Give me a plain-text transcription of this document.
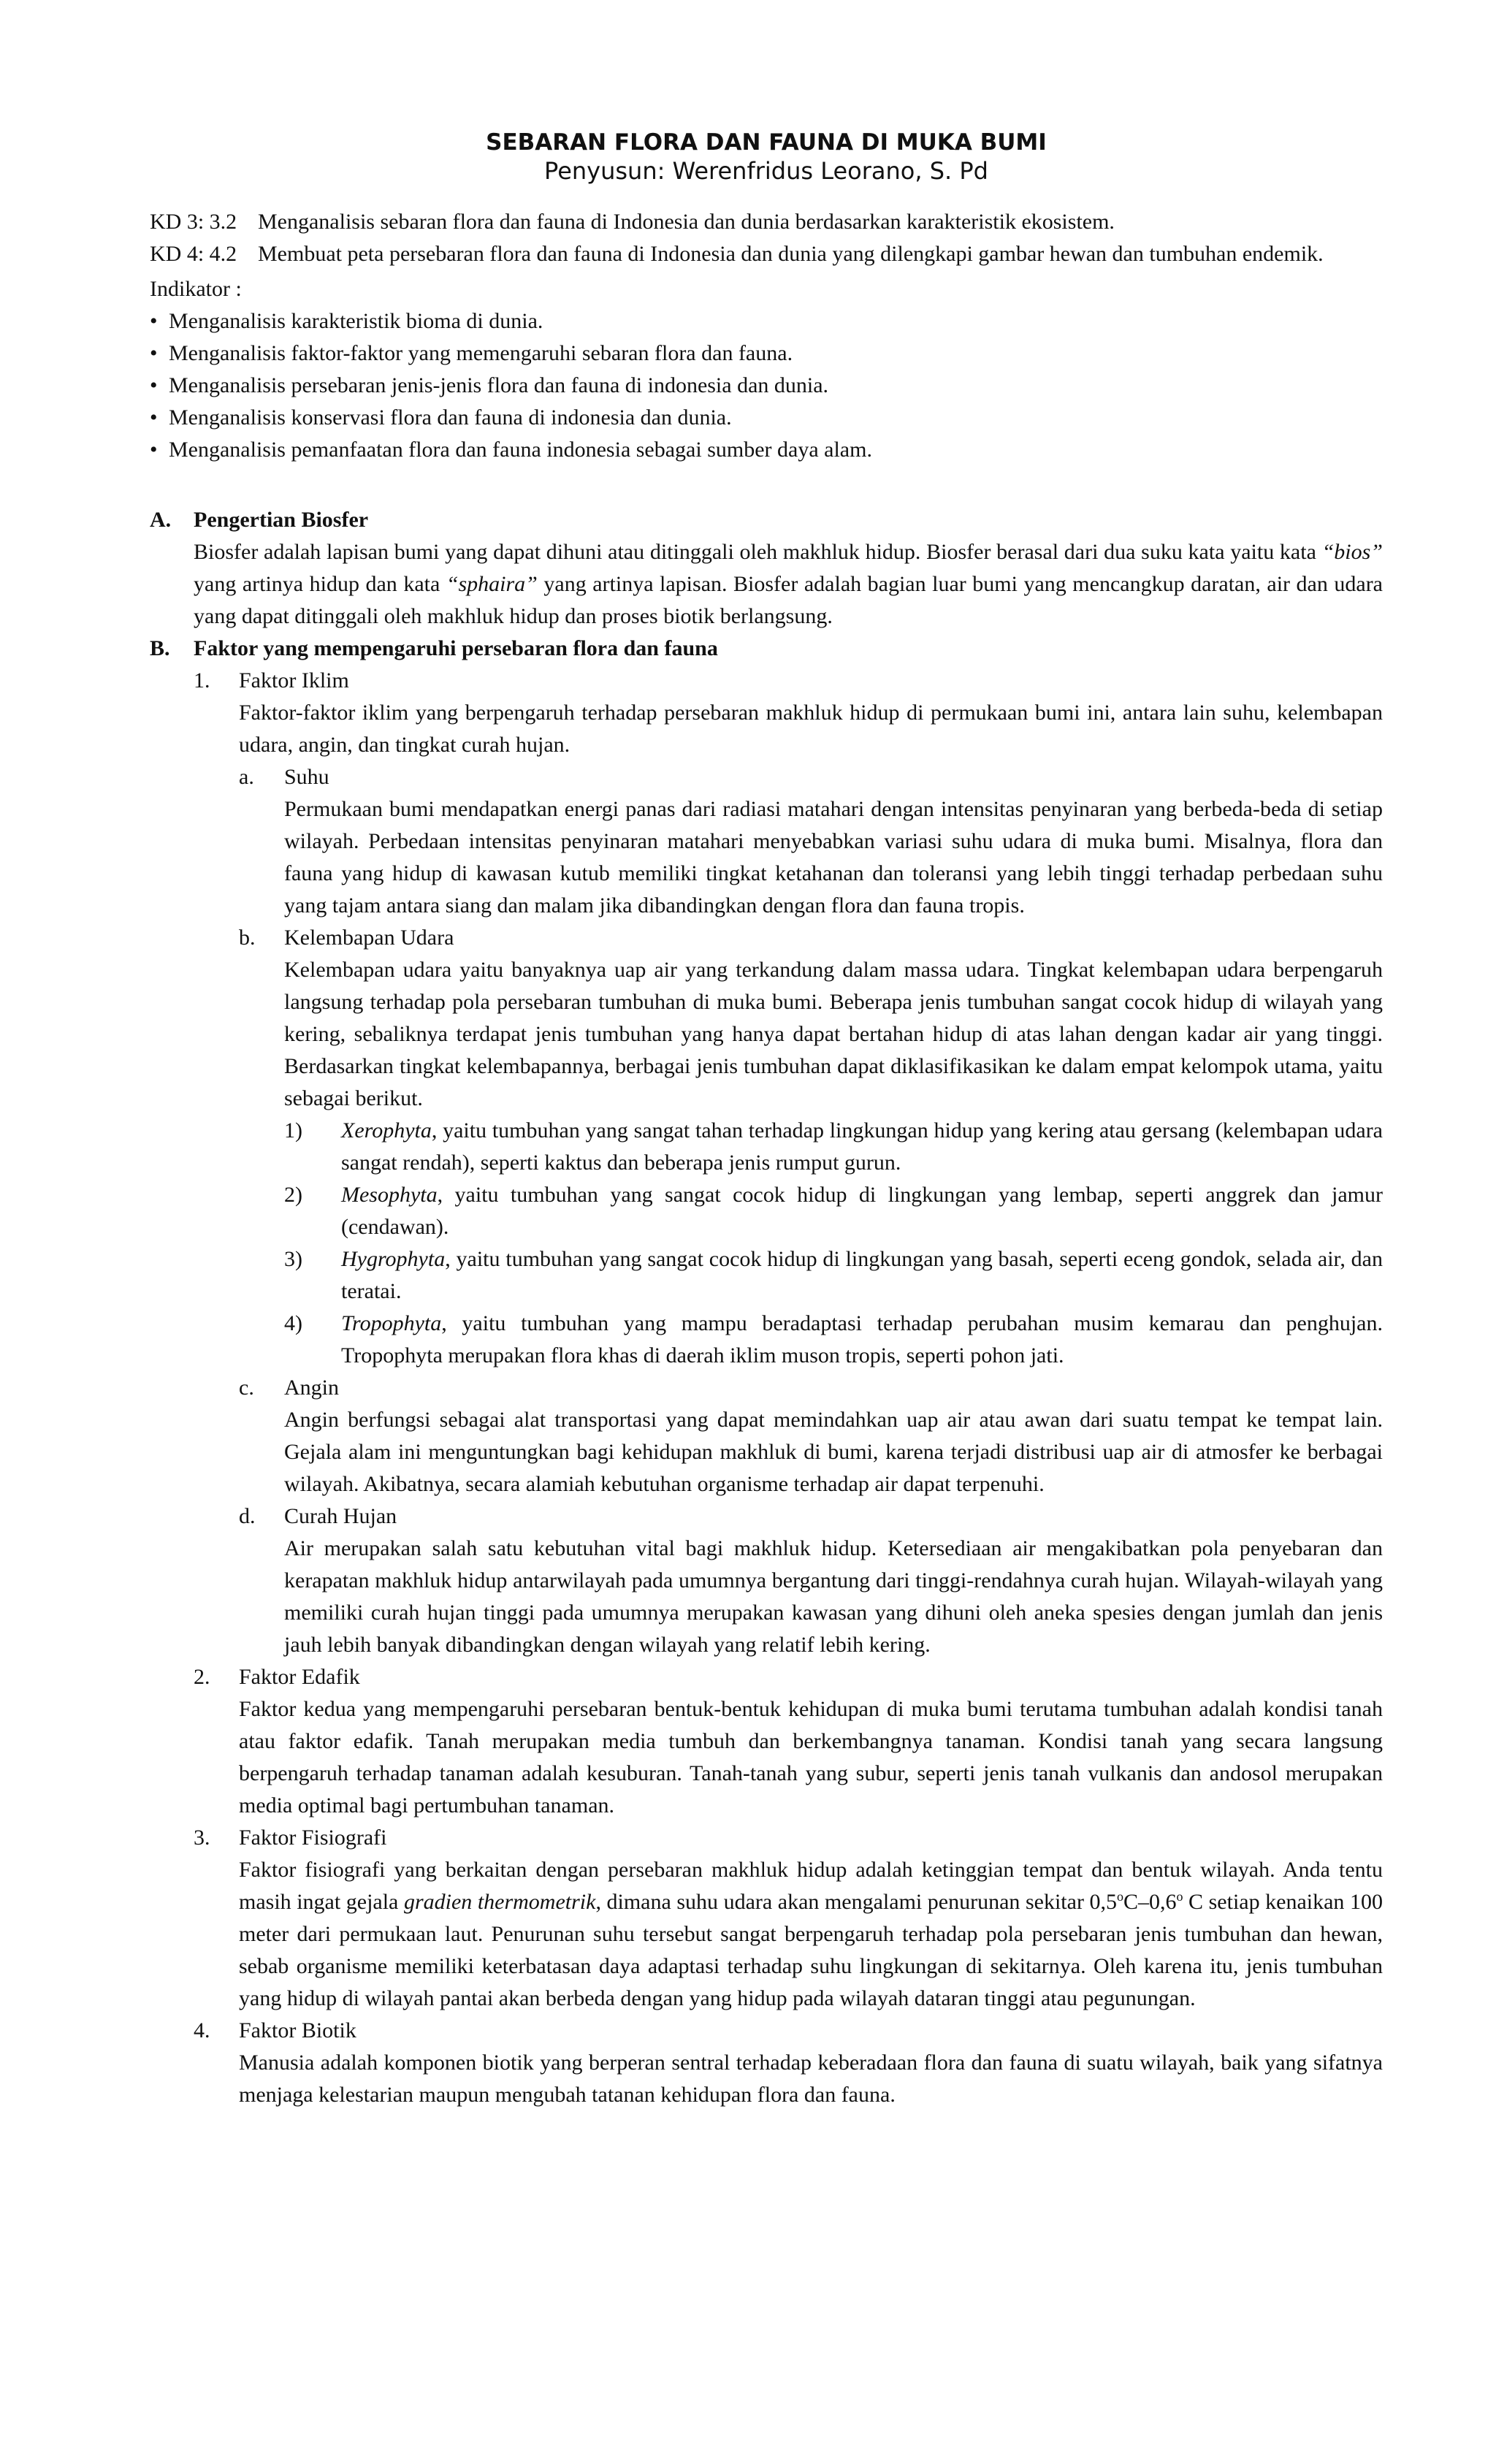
SEBARAN FLORA DAN FAUNA DI MUKA BUMI
Penyusun: Werenfridus Leorano, S. Pd
KD 3: 3.2 Menganalisis sebaran flora dan fauna di Indonesia dan dunia berdasarkan karakteristik ekosistem.
KD 4: 4.2 Membuat peta persebaran flora dan fauna di Indonesia dan dunia yang dilengkapi gambar hewan dan tumbuhan endemik.

Indikator :

• Menganalisis karakteristik bioma di dunia.
• Menganalisis faktor-faktor yang memengaruhi sebaran flora dan fauna.
• Menganalisis persebaran jenis-jenis flora dan fauna di indonesia dan dunia.
• Menganalisis konservasi flora dan fauna di indonesia dan dunia.
• Menganalisis pemanfaatan flora dan fauna indonesia sebagai sumber daya alam.
A.	Pengertian Biosfer

Biosfer adalah lapisan bumi yang dapat dihuni atau ditinggali oleh makhluk hidup. Biosfer berasal dari dua suku kata yaitu kata “bios” yang artinya hidup dan kata “sphaira” yang artinya lapisan. Biosfer adalah bagian luar bumi yang mencangkup daratan, air dan udara yang dapat ditinggali oleh makhluk hidup dan proses biotik berlangsung.

B.	Faktor yang mempengaruhi persebaran flora dan fauna
1.	Faktor Iklim

Faktor-faktor iklim yang berpengaruh terhadap persebaran makhluk hidup di permukaan bumi ini, antara lain suhu, kelembapan udara, angin, dan tingkat curah hujan.

a.	Suhu

Permukaan bumi mendapatkan energi panas dari radiasi matahari dengan intensitas penyinaran yang berbeda-beda di setiap wilayah. Perbedaan intensitas penyinaran matahari menyebabkan variasi suhu udara di muka bumi. Misalnya, flora dan fauna yang hidup di kawasan kutub memiliki tingkat ketahanan dan toleransi yang lebih tinggi terhadap perbedaan suhu yang tajam antara siang dan malam jika dibandingkan dengan flora dan fauna tropis.

b.	Kelembapan Udara

Kelembapan udara yaitu banyaknya uap air yang terkandung dalam massa udara. Tingkat kelembapan udara berpengaruh langsung terhadap pola persebaran tumbuhan di muka bumi. Beberapa jenis tumbuhan sangat cocok hidup di wilayah yang kering, sebaliknya terdapat jenis tumbuhan yang hanya dapat bertahan hidup di atas lahan dengan kadar air yang tinggi. Berdasarkan tingkat kelembapannya, berbagai jenis tumbuhan dapat diklasifikasikan ke dalam empat kelompok utama, yaitu sebagai berikut.

1)	Xerophyta, yaitu tumbuhan yang sangat tahan terhadap lingkungan hidup yang kering atau gersang (kelembapan udara sangat rendah), seperti kaktus dan beberapa jenis rumput gurun.
2)	Mesophyta, yaitu tumbuhan yang sangat cocok hidup di lingkungan yang lembap, seperti anggrek dan jamur (cendawan).
3)	Hygrophyta, yaitu tumbuhan yang sangat cocok hidup di lingkungan yang basah, seperti eceng gondok, selada air, dan teratai.
4)	Tropophyta, yaitu tumbuhan yang mampu beradaptasi terhadap perubahan musim kemarau dan penghujan. Tropophyta merupakan flora khas di daerah iklim muson tropis, seperti pohon jati.
c.	Angin

Angin berfungsi sebagai alat transportasi yang dapat memindahkan uap air atau awan dari suatu tempat ke tempat lain. Gejala alam ini menguntungkan bagi kehidupan makhluk di bumi, karena terjadi distribusi uap air di atmosfer ke berbagai wilayah. Akibatnya, secara alamiah kebutuhan organisme terhadap air dapat terpenuhi.

d.	Curah Hujan

Air merupakan salah satu kebutuhan vital bagi makhluk hidup. Ketersediaan air mengakibatkan pola penyebaran dan kerapatan makhluk hidup antarwilayah pada umumnya bergantung dari tinggi-rendahnya curah hujan. Wilayah-wilayah yang memiliki curah hujan tinggi pada umumnya merupakan kawasan yang dihuni oleh aneka spesies dengan jumlah dan jenis jauh lebih banyak dibandingkan dengan wilayah yang relatif lebih kering.

2.	Faktor Edafik

Faktor kedua yang mempengaruhi persebaran bentuk-bentuk kehidupan di muka bumi terutama tumbuhan adalah kondisi tanah atau faktor edafik. Tanah merupakan media tumbuh dan berkembangnya tanaman. Kondisi tanah yang secara langsung berpengaruh terhadap tanaman adalah kesuburan. Tanah-tanah yang subur, seperti jenis tanah vulkanis dan andosol merupakan media optimal bagi pertumbuhan tanaman.

3.	Faktor Fisiografi

Faktor fisiografi yang berkaitan dengan persebaran makhluk hidup adalah ketinggian tempat dan bentuk wilayah. Anda tentu masih ingat gejala gradien thermometrik, dimana suhu udara akan mengalami penurunan sekitar 0,5$^o$C–0,6$^o$ C setiap kenaikan 100 meter dari permukaan laut. Penurunan suhu tersebut sangat berpengaruh terhadap pola persebaran jenis tumbuhan dan hewan, sebab organisme memiliki keterbatasan daya adaptasi terhadap suhu lingkungan di sekitarnya. Oleh karena itu, jenis tumbuhan yang hidup di wilayah pantai akan berbeda dengan yang hidup pada wilayah dataran tinggi atau pegunungan.

4.	Faktor Biotik

Manusia adalah komponen biotik yang berperan sentral terhadap keberadaan flora dan fauna di suatu wilayah, baik yang sifatnya menjaga kelestarian maupun mengubah tatanan kehidupan flora dan fauna.
